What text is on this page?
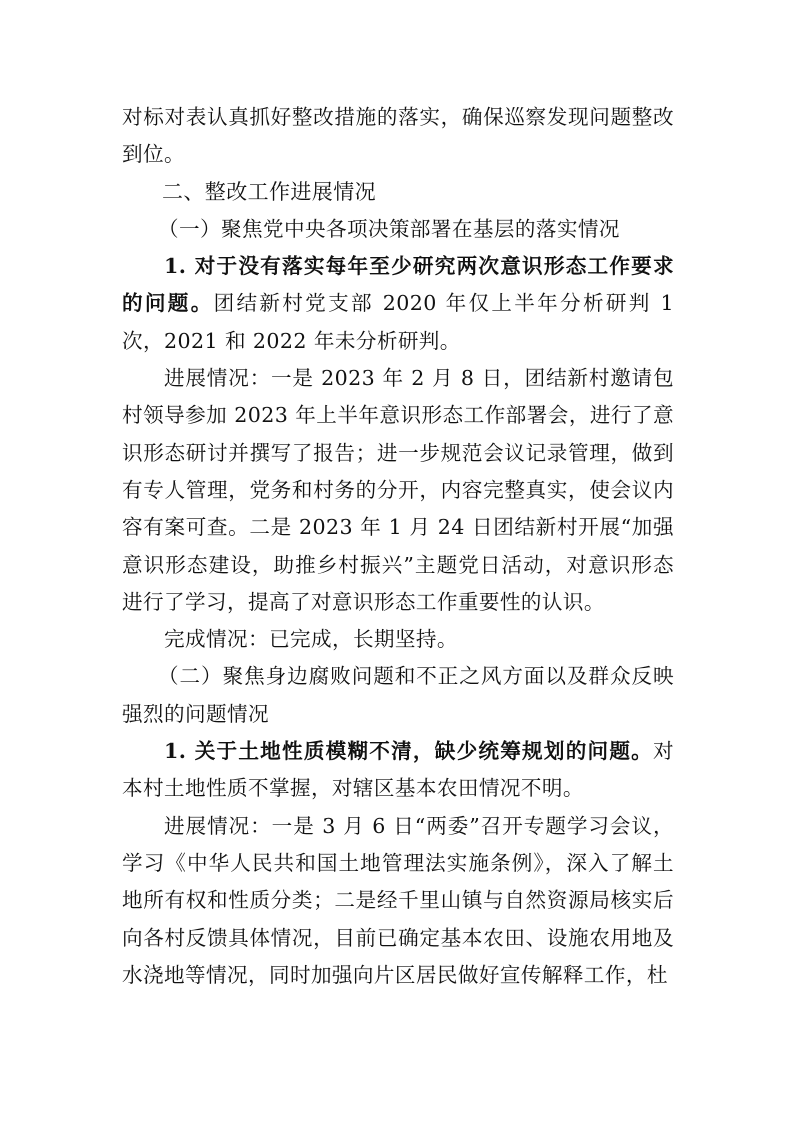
对标对表认真抓好整改措施的落实，确保巡察发现问题整改到位。

二、整改工作进展情况

（一）聚焦党中央各项决策部署在基层的落实情况

1. 对于没有落实每年至少研究两次意识形态工作要求的问题。团结新村党支部 2020 年仅上半年分析研判 1 次，2021 和 2022 年未分析研判。

进展情况：一是 2023 年 2 月 8 日，团结新村邀请包村领导参加 2023 年上半年意识形态工作部署会，进行了意识形态研讨并撰写了报告；进一步规范会议记录管理，做到有专人管理，党务和村务的分开，内容完整真实，使会议内容有案可查。二是 2023 年 1 月 24 日团结新村开展“加强意识形态建设，助推乡村振兴”主题党日活动，对意识形态进行了学习，提高了对意识形态工作重要性的认识。

完成情况：已完成，长期坚持。

（二）聚焦身边腐败问题和不正之风方面以及群众反映强烈的问题情况

1. 关于土地性质模糊不清，缺少统筹规划的问题。对本村土地性质不掌握，对辖区基本农田情况不明。

进展情况：一是 3 月 6 日“两委”召开专题学习会议，学习《中华人民共和国土地管理法实施条例》，深入了解土地所有权和性质分类；二是经千里山镇与自然资源局核实后向各村反馈具体情况，目前已确定基本农田、设施农用地及水浇地等情况，同时加强向片区居民做好宣传解释工作，杜
